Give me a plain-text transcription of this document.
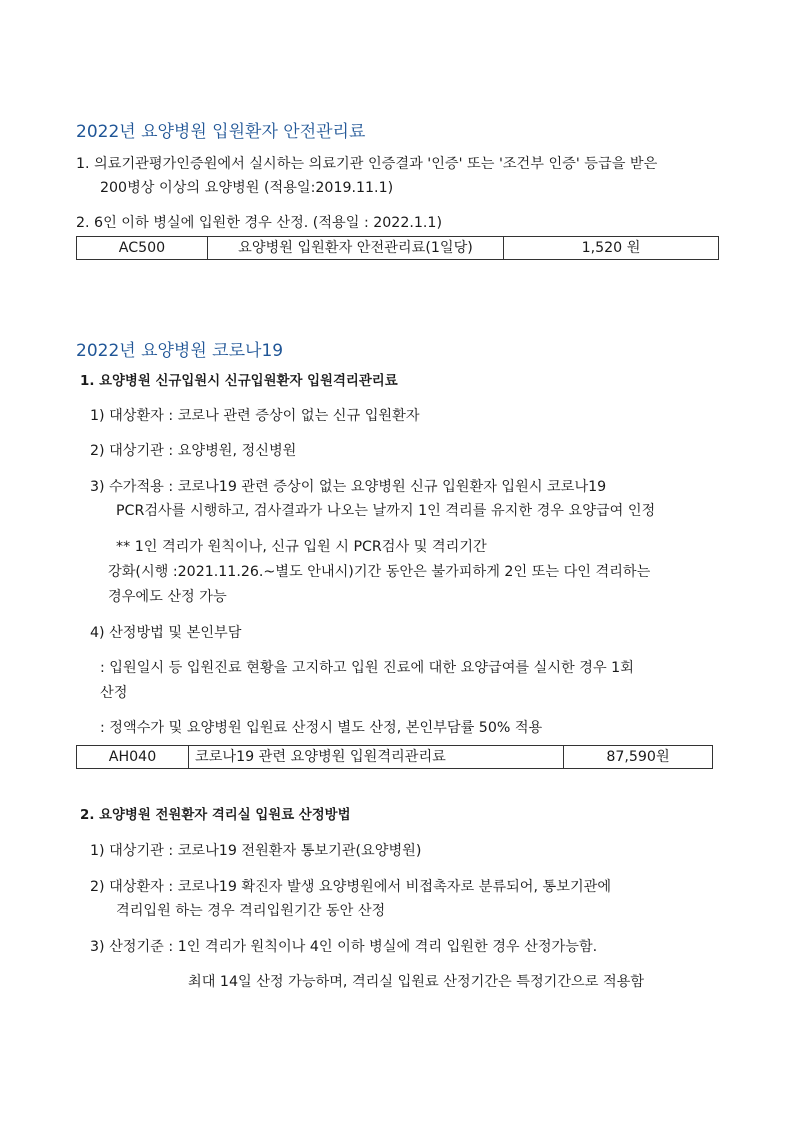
2022년 요양병원 입원환자 안전관리료
1. 의료기관평가인증원에서 실시하는 의료기관 인증결과 '인증' 또는 '조건부 인증' 등급을 받은
200병상 이상의 요양병원 (적용일:2019.11.1)
2. 6인 이하 병실에 입원한 경우 산정. (적용일 : 2022.1.1)
AC500	요양병원 입원환자 안전관리료(1일당)	1,520 원
2022년 요양병원 코로나19
1. 요양병원 신규입원시 신규입원환자 입원격리관리료
1) 대상환자 : 코로나 관련 증상이 없는 신규 입원환자
2) 대상기관 : 요양병원, 정신병원
3) 수가적용 : 코로나19 관련 증상이 없는 요양병원 신규 입원환자 입원시 코로나19
PCR검사를 시행하고, 검사결과가 나오는 날까지 1인 격리를 유지한 경우 요양급여 인정
** 1인 격리가 원칙이나, 신규 입원 시 PCR검사 및 격리기간
강화(시행 :2021.11.26.~별도 안내시)기간 동안은 불가피하게 2인 또는 다인 격리하는
경우에도 산정 가능
4) 산정방법 및 본인부담
: 입원일시 등 입원진료 현황을 고지하고 입원 진료에 대한 요양급여를 실시한 경우 1회
산정
: 정액수가 및 요양병원 입원료 산정시 별도 산정, 본인부담률 50% 적용
AH040	코로나19 관련 요양병원 입원격리관리료	87,590원
2. 요양병원 전원환자 격리실 입원료 산정방법
1) 대상기관 : 코로나19 전원환자 통보기관(요양병원)
2) 대상환자 : 코로나19 확진자 발생 요양병원에서 비접촉자로 분류되어, 통보기관에
격리입원 하는 경우 격리입원기간 동안 산정
3) 산정기준 : 1인 격리가 원칙이나 4인 이하 병실에 격리 입원한 경우 산정가능함.
최대 14일 산정 가능하며, 격리실 입원료 산정기간은 특정기간으로 적용함
